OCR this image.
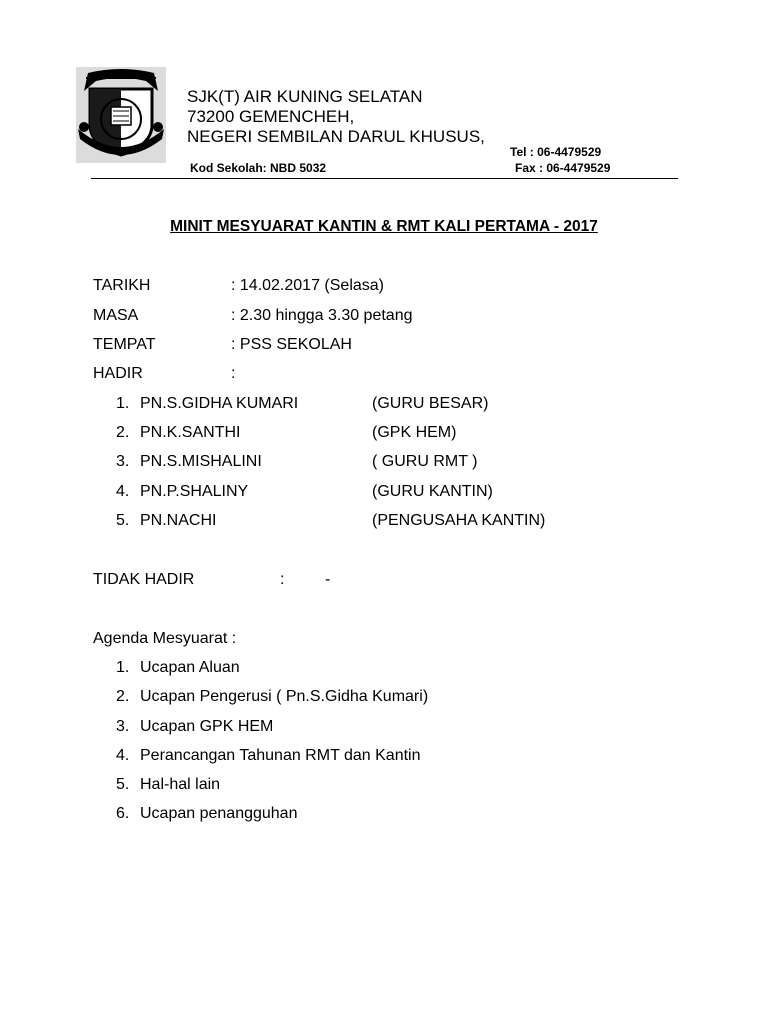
SJK(T) AIR KUNING SELATAN
73200 GEMENCHEH,
NEGERI SEMBILAN DARUL KHUSUS,
Tel : 06-4479529
Kod Sekolah: NBD 5032	Fax : 06-4479529
MINIT MESYUARAT KANTIN & RMT KALI PERTAMA - 2017
TARIKH	: 14.02.2017 (Selasa)
MASA	: 2.30 hingga 3.30 petang
TEMPAT	: PSS SEKOLAH
HADIR	:
1. PN.S.GIDHA KUMARI	(GURU BESAR)
2. PN.K.SANTHI	(GPK HEM)
3. PN.S.MISHALINI	( GURU RMT )
4. PN.P.SHALINY	(GURU KANTIN)
5. PN.NACHI	(PENGUSAHA KANTIN)
TIDAK HADIR	:	-
Agenda Mesyuarat :
1. Ucapan Aluan
2. Ucapan Pengerusi ( Pn.S.Gidha Kumari)
3. Ucapan GPK HEM
4. Perancangan Tahunan RMT dan Kantin
5. Hal-hal lain
6. Ucapan penangguhan
